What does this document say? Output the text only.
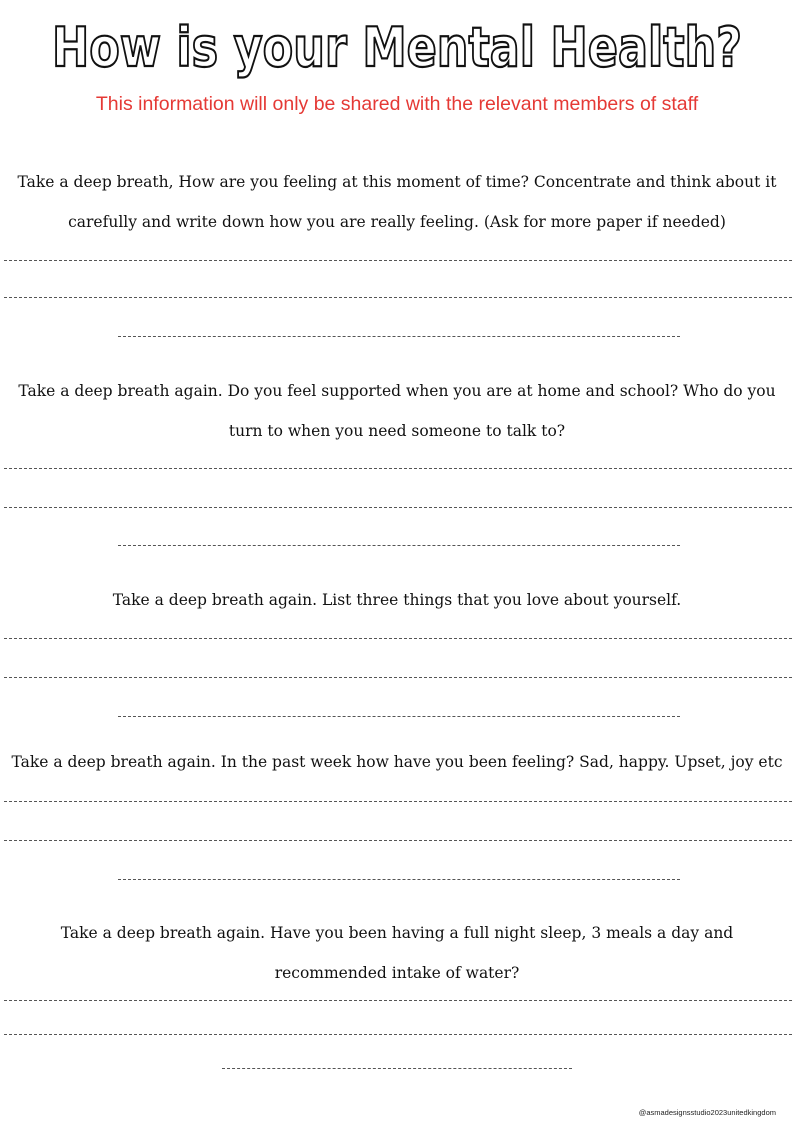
How is your Mental Health?
This information will only be shared with the relevant members of staff
Take a deep breath, How are you feeling at this moment of time? Concentrate and think about it carefully and write down how you are really feeling. (Ask for more paper if needed)
Take a deep breath again. Do you feel supported when you are at home and school? Who do you turn to when you need someone to talk to?
Take a deep breath again. List three things that you love about yourself.
Take a deep breath again. In the past week how have you been feeling? Sad, happy. Upset, joy etc
Take a deep breath again. Have you been having a full night sleep, 3 meals a day and recommended intake of water?
@asmadesignsstudio2023unitedkingdom
